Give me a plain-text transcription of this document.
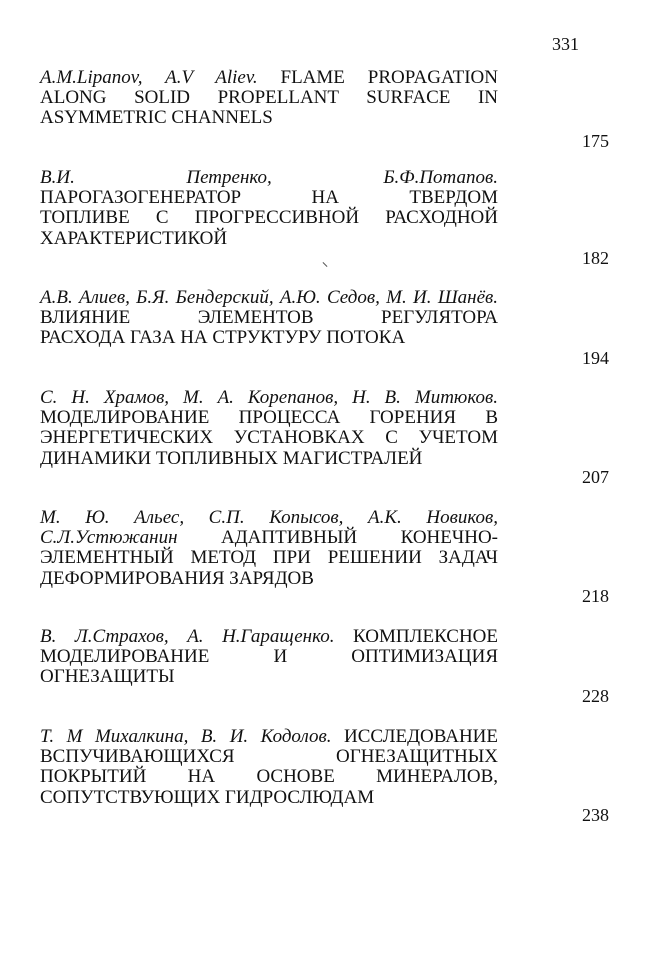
331
A.M.Lipanov, A.V Aliev. FLAME PROPAGATION
ALONG SOLID PROPELLANT SURFACE IN
ASYMMETRIC CHANNELS
175
В.И. Петренко, Б.Ф.Потапов.
ПАРОГАЗОГЕНЕРАТОР НА ТВЕРДОМ
ТОПЛИВЕ С ПРОГРЕССИВНОЙ РАСХОДНОЙ
ХАРАКТЕРИСТИКОЙ
182
А.В. Алиев, Б.Я. Бендерский, А.Ю. Седов, М. И. Шанёв.
ВЛИЯНИЕ ЭЛЕМЕНТОВ РЕГУЛЯТОРА
РАСХОДА ГАЗА НА СТРУКТУРУ ПОТОКА
194
С. Н. Храмов, М. А. Корепанов, Н. В. Митюков.
МОДЕЛИРОВАНИЕ ПРОЦЕССА ГОРЕНИЯ В
ЭНЕРГЕТИЧЕСКИХ УСТАНОВКАХ С УЧЕТОМ
ДИНАМИКИ ТОПЛИВНЫХ МАГИСТРАЛЕЙ
207
М. Ю. Альес, С.П. Копысов, А.К. Новиков,
С.Л.Устюжанин АДАПТИВНЫЙ КОНЕЧНО-
ЭЛЕМЕНТНЫЙ МЕТОД ПРИ РЕШЕНИИ ЗАДАЧ
ДЕФОРМИРОВАНИЯ ЗАРЯДОВ
218
В. Л.Страхов, А. Н.Гаращенко. КОМПЛЕКСНОЕ
МОДЕЛИРОВАНИЕ И ОПТИМИЗАЦИЯ
ОГНЕЗАЩИТЫ
228
Т. М Михалкина, В. И. Кодолов. ИССЛЕДОВАНИЕ
ВСПУЧИВАЮЩИХСЯ ОГНЕЗАЩИТНЫХ
ПОКРЫТИЙ НА ОСНОВЕ МИНЕРАЛОВ,
СОПУТСТВУЮЩИХ ГИДРОСЛЮДАМ
238
